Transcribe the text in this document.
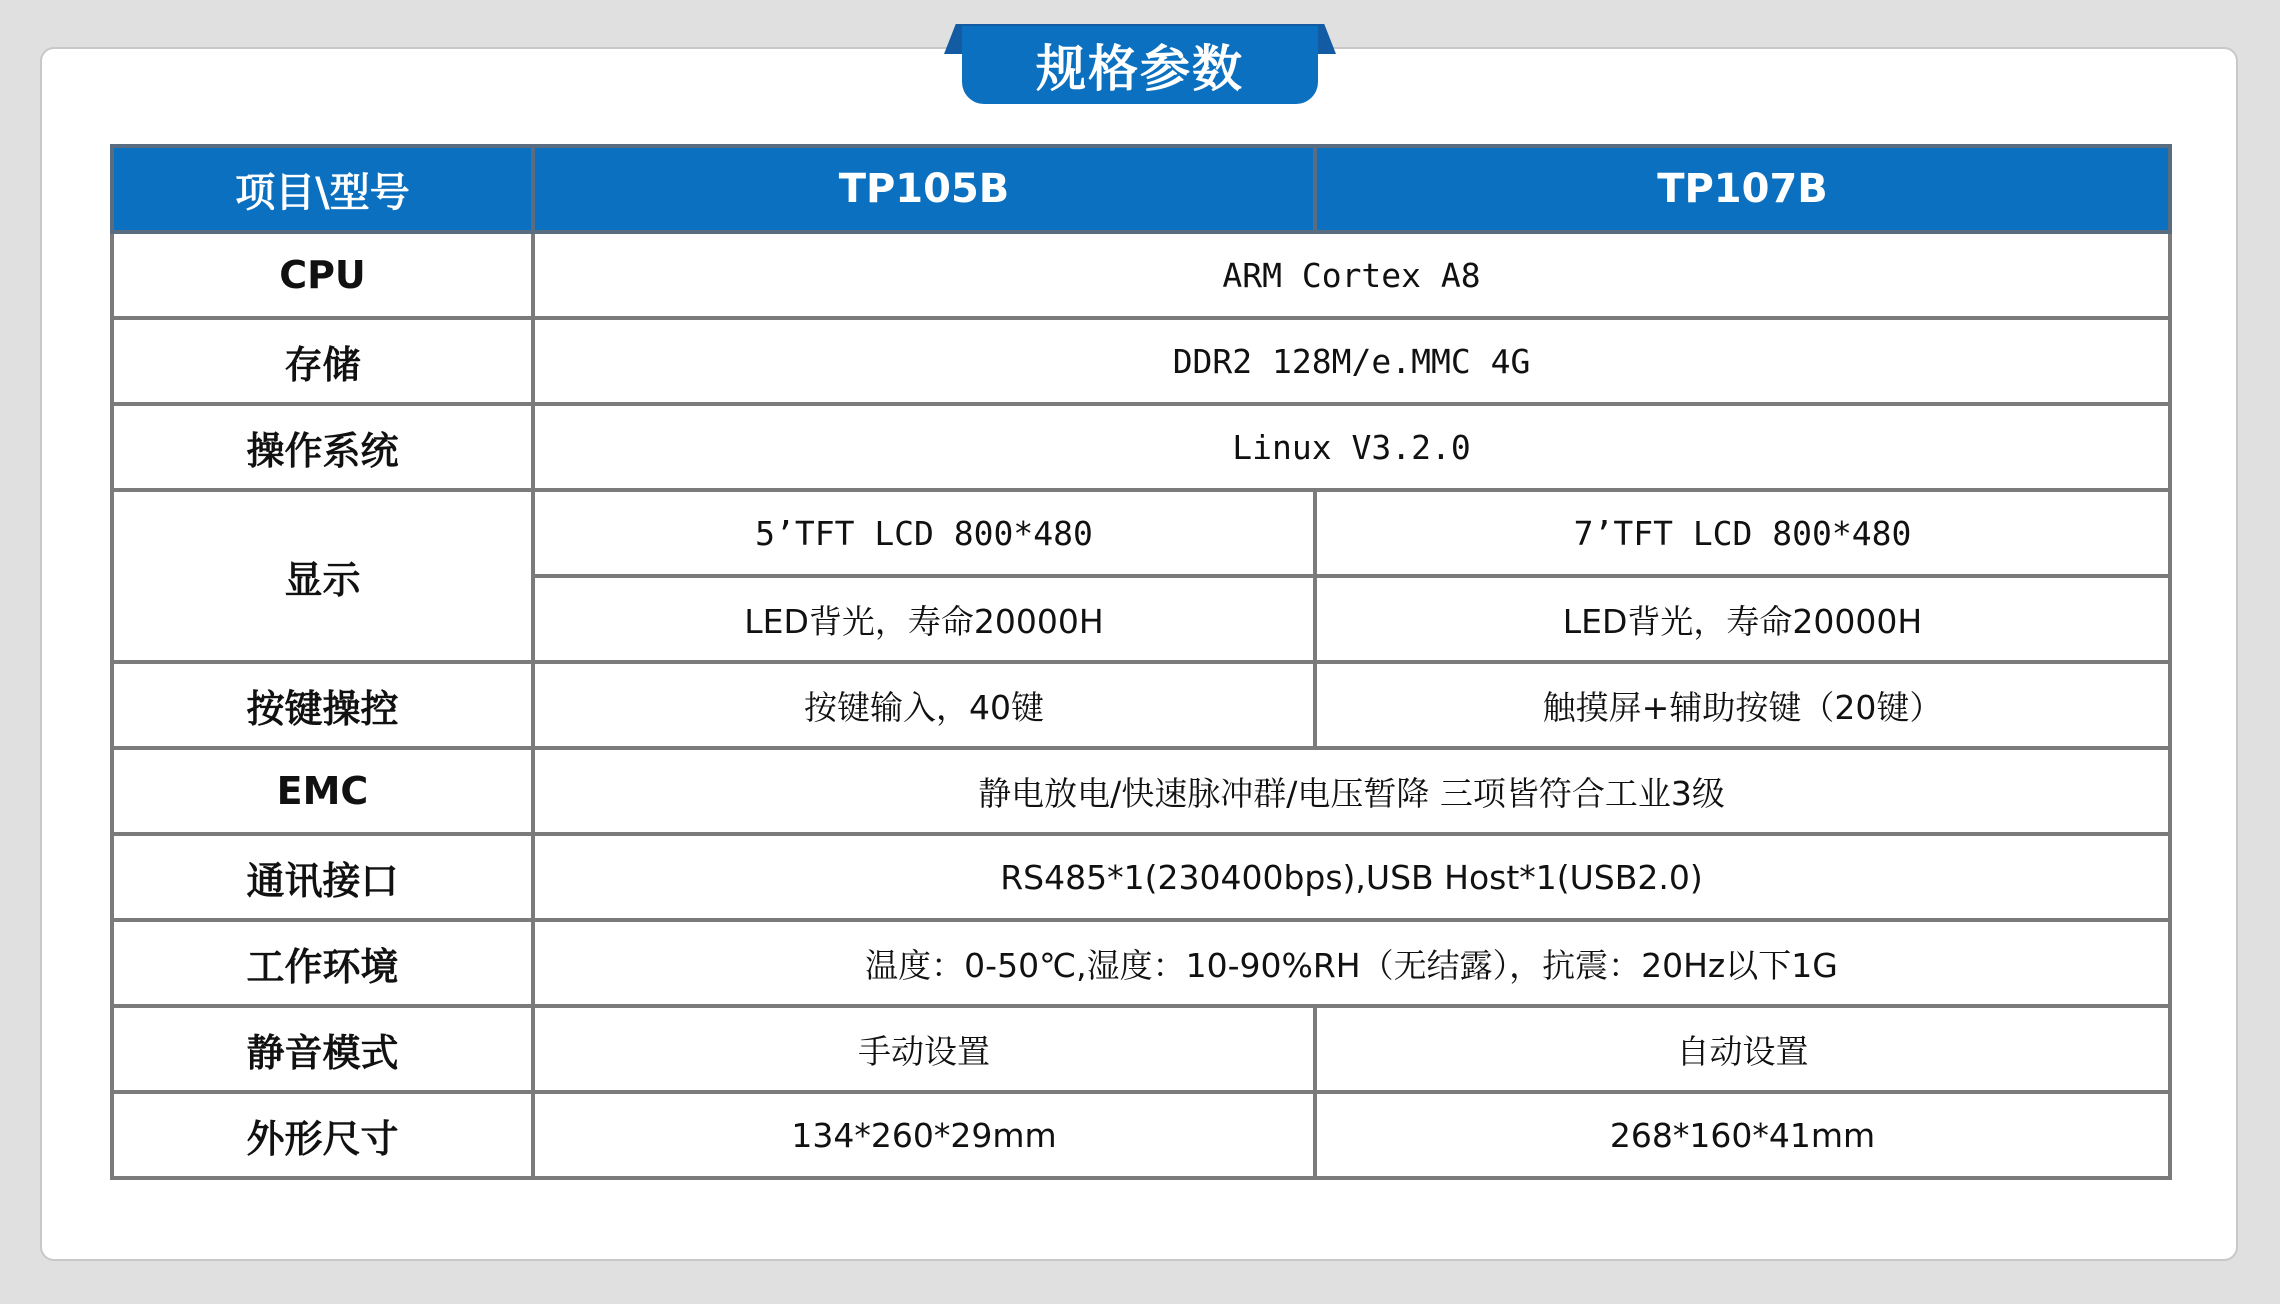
规格参数
项目\型号	TP105B	TP107B
CPU	ARM Cortex A8	
存储	DDR2 128M/e.MMC 4G	
操作系统	Linux V3.2.0	
显示	5’TFT LCD 800*480	7’TFT LCD 800*480
	LED背光，寿命20000H	LED背光，寿命20000H
按键操控	按键输入，40键	触摸屏+辅助按键（20键）
EMC	静电放电/快速脉冲群/电压暂降 三项皆符合工业3级	
通讯接口	RS485*1(230400bps),USB Host*1(USB2.0)	
工作环境	温度：0-50℃,湿度：10-90%RH（无结露），抗震：20Hz以下1G	
静音模式	手动设置	自动设置
外形尺寸	134*260*29mm	268*160*41mm
